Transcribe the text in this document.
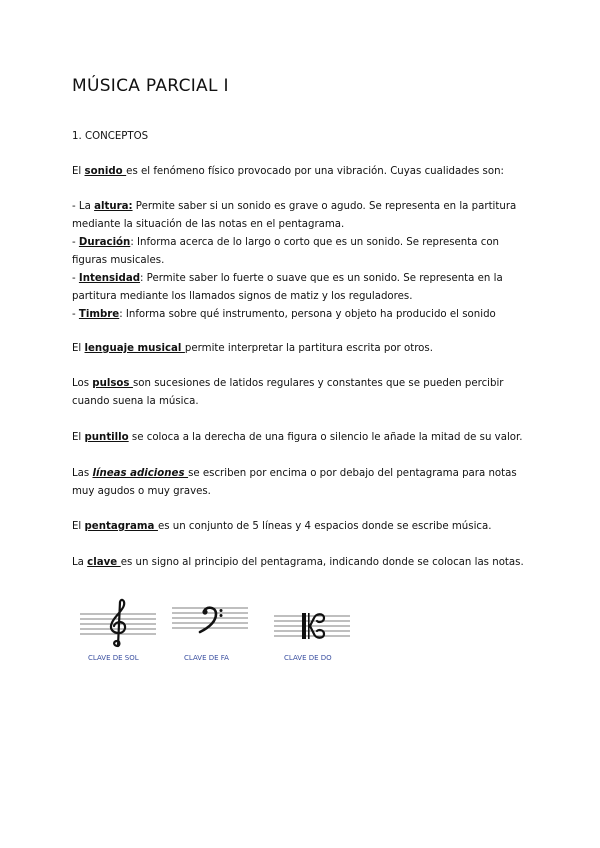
MÚSICA PARCIAL I

1. CONCEPTOS

El sonido es el fenómeno físico provocado por una vibración. Cuyas cualidades son:

- La altura: Permite saber si un sonido es grave o agudo. Se representa en la partitura mediante la situación de las notas en el pentagrama.
- Duración: Informa acerca de lo largo o corto que es un sonido. Se representa con figuras musicales.
- Intensidad: Permite saber lo fuerte o suave que es un sonido. Se representa en la partitura mediante los llamados signos de matiz y los reguladores.
- Timbre: Informa sobre qué instrumento, persona y objeto ha producido el sonido

El lenguaje musical permite interpretar la partitura escrita por otros.

Los pulsos son sucesiones de latidos regulares y constantes que se pueden percibir cuando suena la música.

El puntillo se coloca a la derecha de una figura o silencio le añade la mitad de su valor.

Las líneas adiciones se escriben por encima o por debajo del pentagrama para notas muy agudos o muy graves.

El pentagrama es un conjunto de 5 líneas y 4 espacios donde se escribe música.

La clave es un signo al principio del pentagrama, indicando donde se colocan las notas.

CLAVE DE SOL	CLAVE DE FA	CLAVE DE DO
